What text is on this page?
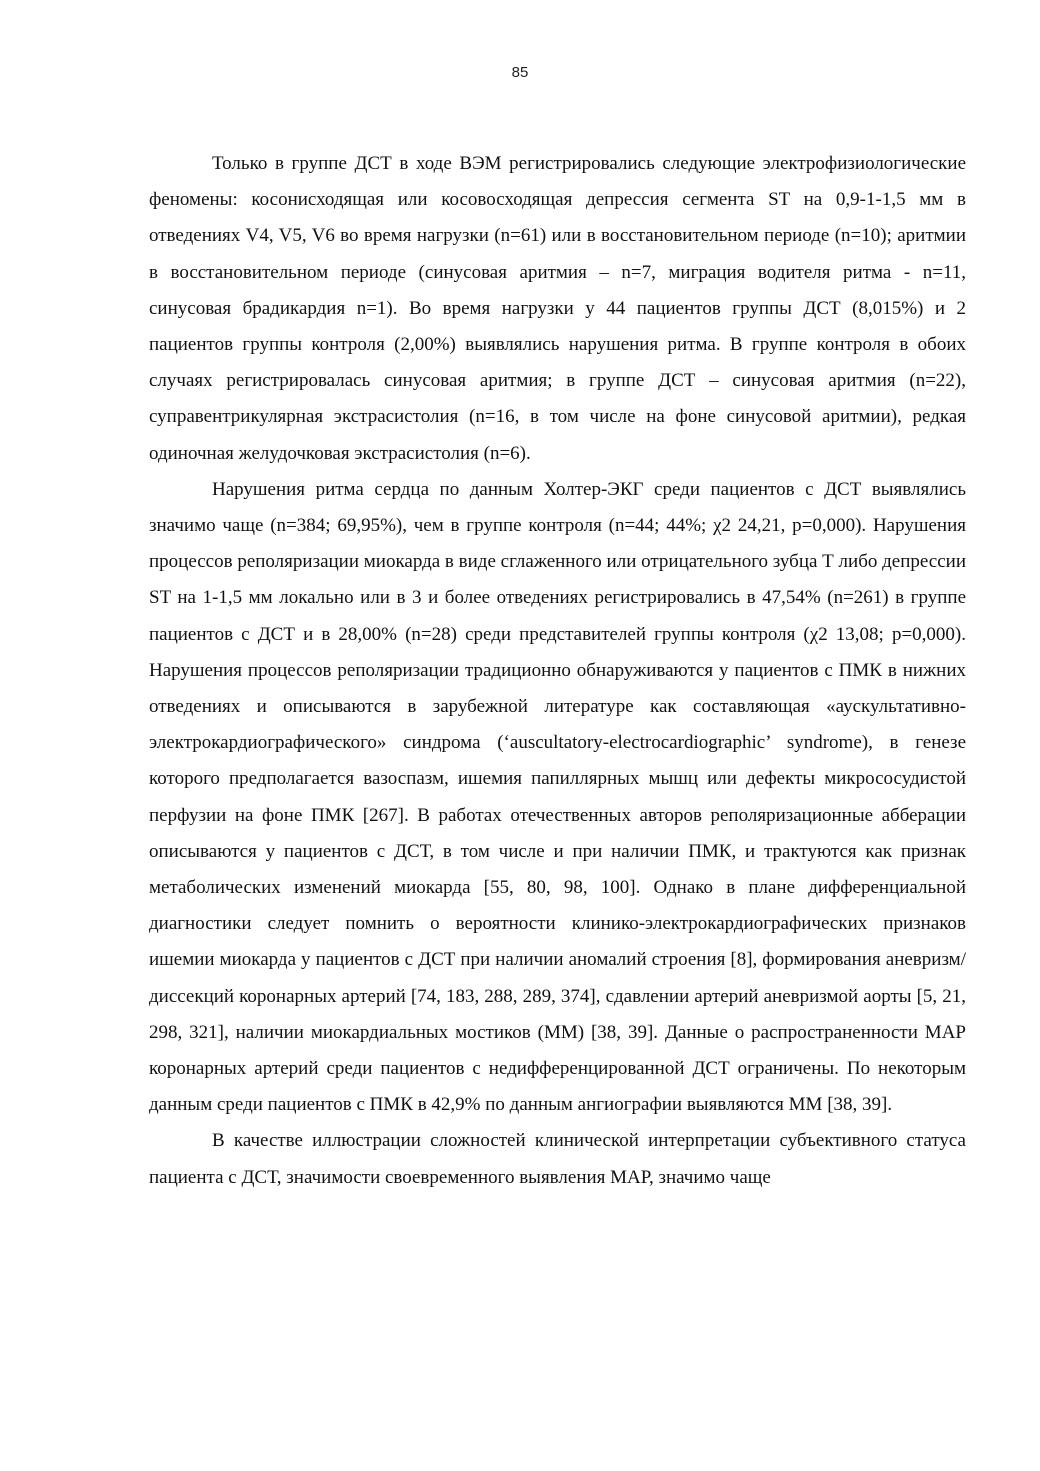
85

Только в группе ДСТ в ходе ВЭМ регистрировались следующие электрофизиологические феномены: косонисходящая или косовосходящая депрессия сегмента ST на 0,9-1-1,5 мм в отведениях V4, V5, V6 во время нагрузки (n=61) или в восстановительном периоде (n=10); аритмии в восстановительном периоде (синусовая аритмия – n=7, миграция водителя ритма - n=11, синусовая брадикардия n=1). Во время нагрузки у 44 пациентов группы ДСТ (8,015%) и 2 пациентов группы контроля (2,00%) выявлялись нарушения ритма. В группе контроля в обоих случаях регистрировалась синусовая аритмия; в группе ДСТ – синусовая аритмия (n=22), суправентрикулярная экстрасистолия (n=16, в том числе на фоне синусовой аритмии), редкая одиночная желудочковая экстрасистолия (n=6).

Нарушения ритма сердца по данным Холтер-ЭКГ среди пациентов с ДСТ выявлялись значимо чаще (n=384; 69,95%), чем в группе контроля (n=44; 44%; χ2 24,21, p=0,000). Нарушения процессов реполяризации миокарда в виде сглаженного или отрицательного зубца Т либо депрессии ST на 1-1,5 мм локально или в 3 и более отведениях регистрировались в 47,54% (n=261) в группе пациентов с ДСТ и в 28,00% (n=28) среди представителей группы контроля (χ2 13,08; p=0,000). Нарушения процессов реполяризации традиционно обнаруживаются у пациентов с ПМК в нижних отведениях и описываются в зарубежной литературе как составляющая «аускультативно-электрокардиографического» синдрома (‘auscultatory-electrocardiographic’ syndrome), в генезе которого предполагается вазоспазм, ишемия папиллярных мышц или дефекты микрососудистой перфузии на фоне ПМК [267]. В работах отечественных авторов реполяризационные абберации описываются у пациентов с ДСТ, в том числе и при наличии ПМК, и трактуются как признак метаболических изменений миокарда [55, 80, 98, 100]. Однако в плане дифференциальной диагностики следует помнить о вероятности клинико-электрокардиографических признаков ишемии миокарда у пациентов с ДСТ при наличии аномалий строения [8], формирования аневризм/диссекций коронарных артерий [74, 183, 288, 289, 374], сдавлении артерий аневризмой аорты [5, 21, 298, 321], наличии миокардиальных мостиков (ММ) [38, 39]. Данные о распространенности МАР коронарных артерий среди пациентов с недифференцированной ДСТ ограничены. По некоторым данным среди пациентов с ПМК в 42,9% по данным ангиографии выявляются ММ [38, 39].

В качестве иллюстрации сложностей клинической интерпретации субъективного статуса пациента с ДСТ, значимости своевременного выявления МАР, значимо чаще
